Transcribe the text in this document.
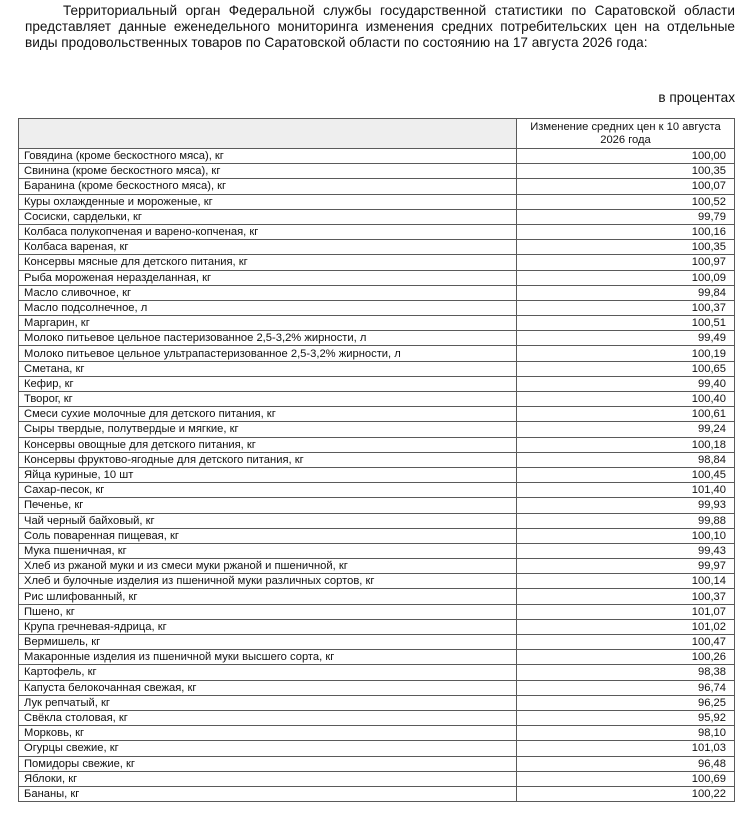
Территориальный орган Федеральной службы государственной статистики по Саратовской области представляет данные еженедельного мониторинга изменения средних потребительских цен на отдельные виды продовольственных товаров по Саратовской области по состоянию на 17 августа 2026 года:

в процентах
	Изменение средних цен к 10 августа 2026 года
Говядина (кроме бескостного мяса), кг	100,00
Свинина (кроме бескостного мяса), кг	100,35
Баранина (кроме бескостного мяса), кг	100,07
Куры охлажденные и мороженые, кг	100,52
Сосиски, сардельки, кг	99,79
Колбаса полукопченая и варено-копченая, кг	100,16
Колбаса вареная, кг	100,35
Консервы мясные для детского питания, кг	100,97
Рыба мороженая неразделанная, кг	100,09
Масло сливочное, кг	99,84
Масло подсолнечное, л	100,37
Маргарин, кг	100,51
Молоко питьевое цельное пастеризованное 2,5-3,2% жирности, л	99,49
Молоко питьевое цельное ультрапастеризованное 2,5-3,2% жирности, л	100,19
Сметана, кг	100,65
Кефир, кг	99,40
Творог, кг	100,40
Смеси сухие молочные для детского питания, кг	100,61
Сыры твердые, полутвердые и мягкие, кг	99,24
Консервы овощные для детского питания, кг	100,18
Консервы фруктово-ягодные для детского питания, кг	98,84
Яйца куриные, 10 шт	100,45
Сахар-песок, кг	101,40
Печенье, кг	99,93
Чай черный байховый, кг	99,88
Соль поваренная пищевая, кг	100,10
Мука пшеничная, кг	99,43
Хлеб из ржаной муки и из смеси муки ржаной и пшеничной, кг	99,97
Хлеб и булочные изделия из пшеничной муки различных сортов, кг	100,14
Рис шлифованный, кг	100,37
Пшено, кг	101,07
Крупа гречневая-ядрица, кг	101,02
Вермишель, кг	100,47
Макаронные изделия из пшеничной муки высшего сорта, кг	100,26
Картофель, кг	98,38
Капуста белокочанная свежая, кг	96,74
Лук репчатый, кг	96,25
Свёкла столовая, кг	95,92
Морковь, кг	98,10
Огурцы свежие, кг	101,03
Помидоры свежие, кг	96,48
Яблоки, кг	100,69
Бананы, кг	100,22
